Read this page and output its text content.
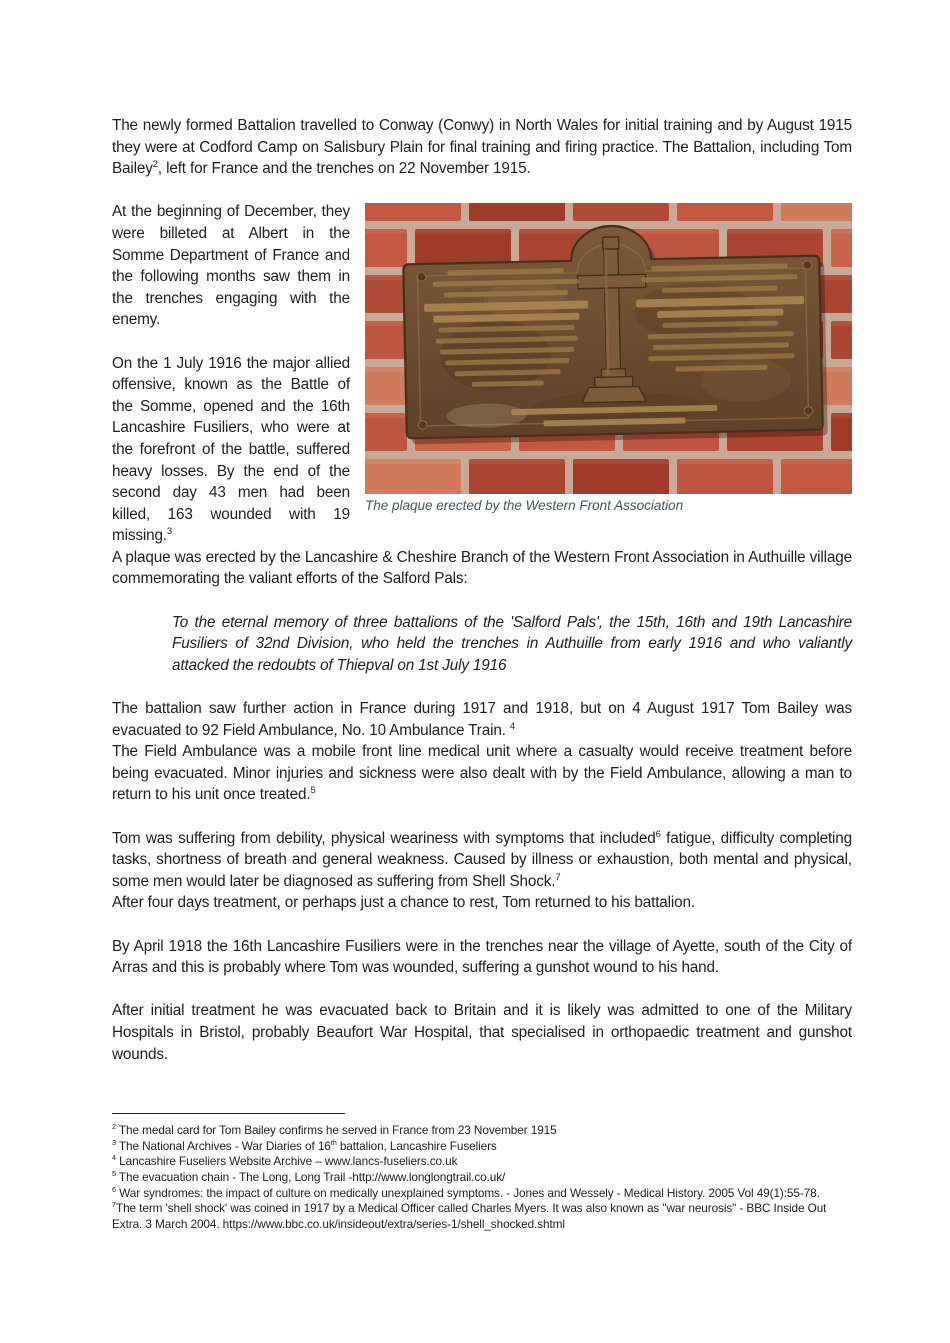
The newly formed Battalion travelled to Conway (Conwy) in North Wales for initial training and by August 1915 they were at Codford Camp on Salisbury Plain for final training and firing practice. The Battalion, including Tom Bailey$^2$, left for France and the trenches on 22 November 1915.

The plaque erected by the Western Front Association

At the beginning of December, they were billeted at Albert in the Somme Department of France and the following months saw them in the trenches engaging with the enemy.

On the 1 July 1916 the major allied offensive, known as the Battle of the Somme, opened and the 16th Lancashire Fusiliers, who were at the forefront of the battle, suffered heavy losses. By the end of the second day 43 men had been killed, 163 wounded with 19 missing.$^3$

A plaque was erected by the Lancashire & Cheshire Branch of the Western Front Association in Authuille village commemorating the valiant efforts of the Salford Pals:

To the eternal memory of three battalions of the 'Salford Pals', the 15th, 16th and 19th Lancashire Fusiliers of 32nd Division, who held the trenches in Authuille from early 1916 and who valiantly attacked the redoubts of Thiepval on 1st July 1916

The battalion saw further action in France during 1917 and 1918, but on 4 August 1917 Tom Bailey was evacuated to 92 Field Ambulance, No. 10 Ambulance Train. $^4$

The Field Ambulance was a mobile front line medical unit where a casualty would receive treatment before being evacuated. Minor injuries and sickness were also dealt with by the Field Ambulance, allowing a man to return to his unit once treated.$^5$

Tom was suffering from debility, physical weariness with symptoms that included$^6$ fatigue, difficulty completing tasks, shortness of breath and general weakness. Caused by illness or exhaustion, both mental and physical, some men would later be diagnosed as suffering from Shell Shock.$^7$

After four days treatment, or perhaps just a chance to rest, Tom returned to his battalion.

By April 1918 the 16th Lancashire Fusiliers were in the trenches near the village of Ayette, south of the City of Arras and this is probably where Tom was wounded, suffering a gunshot wound to his hand.

After initial treatment he was evacuated back to Britain and it is likely was admitted to one of the Military Hospitals in Bristol, probably Beaufort War Hospital, that specialised in orthopaedic treatment and gunshot wounds.

$^2$ The medal card for Tom Bailey confirms he served in France from 23 November 1915
$^3$ The National Archives - War Diaries of 16th battalion, Lancashire Fuseliers
$^4$ Lancashire Fuseliers Website Archive – www.lancs-fuseliers.co.uk
$^5$ The evacuation chain - The Long, Long Trail -http://www.longlongtrail.co.uk/
$^6$ War syndromes: the impact of culture on medically unexplained symptoms. - Jones and Wessely - Medical History. 2005 Vol 49(1):55-78.
$^7$The term 'shell shock' was coined in 1917 by a Medical Officer called Charles Myers. It was also known as "war neurosis" - BBC Inside Out Extra. 3 March 2004. https://www.bbc.co.uk/insideout/extra/series-1/shell_shocked.shtml
